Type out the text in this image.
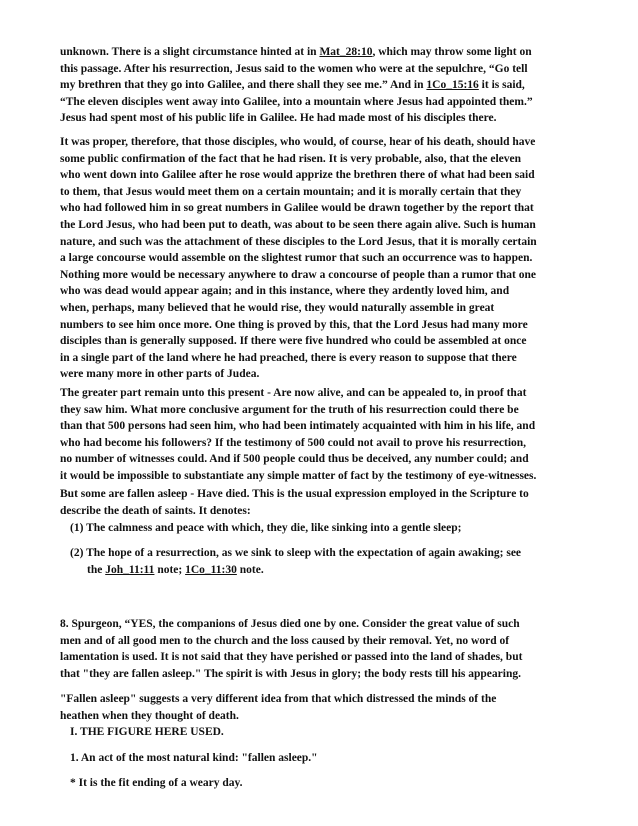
unknown. There is a slight circumstance hinted at in Mat_28:10, which may throw some light on
this passage. After his resurrection, Jesus said to the women who were at the sepulchre, “Go tell
my brethren that they go into Galilee, and there shall they see me.” And in 1Co_15:16 it is said,
“The eleven disciples went away into Galilee, into a mountain where Jesus had appointed them.”
Jesus had spent most of his public life in Galilee. He had made most of his disciples there.
It was proper, therefore, that those disciples, who would, of course, hear of his death, should have
some public confirmation of the fact that he had risen. It is very probable, also, that the eleven
who went down into Galilee after he rose would apprize the brethren there of what had been said
to them, that Jesus would meet them on a certain mountain; and it is morally certain that they
who had followed him in so great numbers in Galilee would be drawn together by the report that
the Lord Jesus, who had been put to death, was about to be seen there again alive. Such is human
nature, and such was the attachment of these disciples to the Lord Jesus, that it is morally certain
a large concourse would assemble on the slightest rumor that such an occurrence was to happen.
Nothing more would be necessary anywhere to draw a concourse of people than a rumor that one
who was dead would appear again; and in this instance, where they ardently loved him, and
when, perhaps, many believed that he would rise, they would naturally assemble in great
numbers to see him once more. One thing is proved by this, that the Lord Jesus had many more
disciples than is generally supposed. If there were five hundred who could be assembled at once
in a single part of the land where he had preached, there is every reason to suppose that there
were many more in other parts of Judea.
The greater part remain unto this present - Are now alive, and can be appealed to, in proof that
they saw him. What more conclusive argument for the truth of his resurrection could there be
than that 500 persons had seen him, who had been intimately acquainted with him in his life, and
who had become his followers? If the testimony of 500 could not avail to prove his resurrection,
no number of witnesses could. And if 500 people could thus be deceived, any number could; and
it would be impossible to substantiate any simple matter of fact by the testimony of eye-witnesses.
But some are fallen asleep - Have died. This is the usual expression employed in the Scripture to
describe the death of saints. It denotes:
(1) The calmness and peace with which, they die, like sinking into a gentle sleep;
(2) The hope of a resurrection, as we sink to sleep with the expectation of again awaking; see
the Joh_11:11 note; 1Co_11:30 note.
8. Spurgeon, “YES, the companions of Jesus died one by one. Consider the great value of such
men and of all good men to the church and the loss caused by their removal. Yet, no word of
lamentation is used. It is not said that they have perished or passed into the land of shades, but
that "they are fallen asleep." The spirit is with Jesus in glory; the body rests till his appearing.
"Fallen asleep" suggests a very different idea from that which distressed the minds of the
heathen when they thought of death.
I. THE FIGURE HERE USED.
1. An act of the most natural kind: "fallen asleep."
* It is the fit ending of a weary day.
